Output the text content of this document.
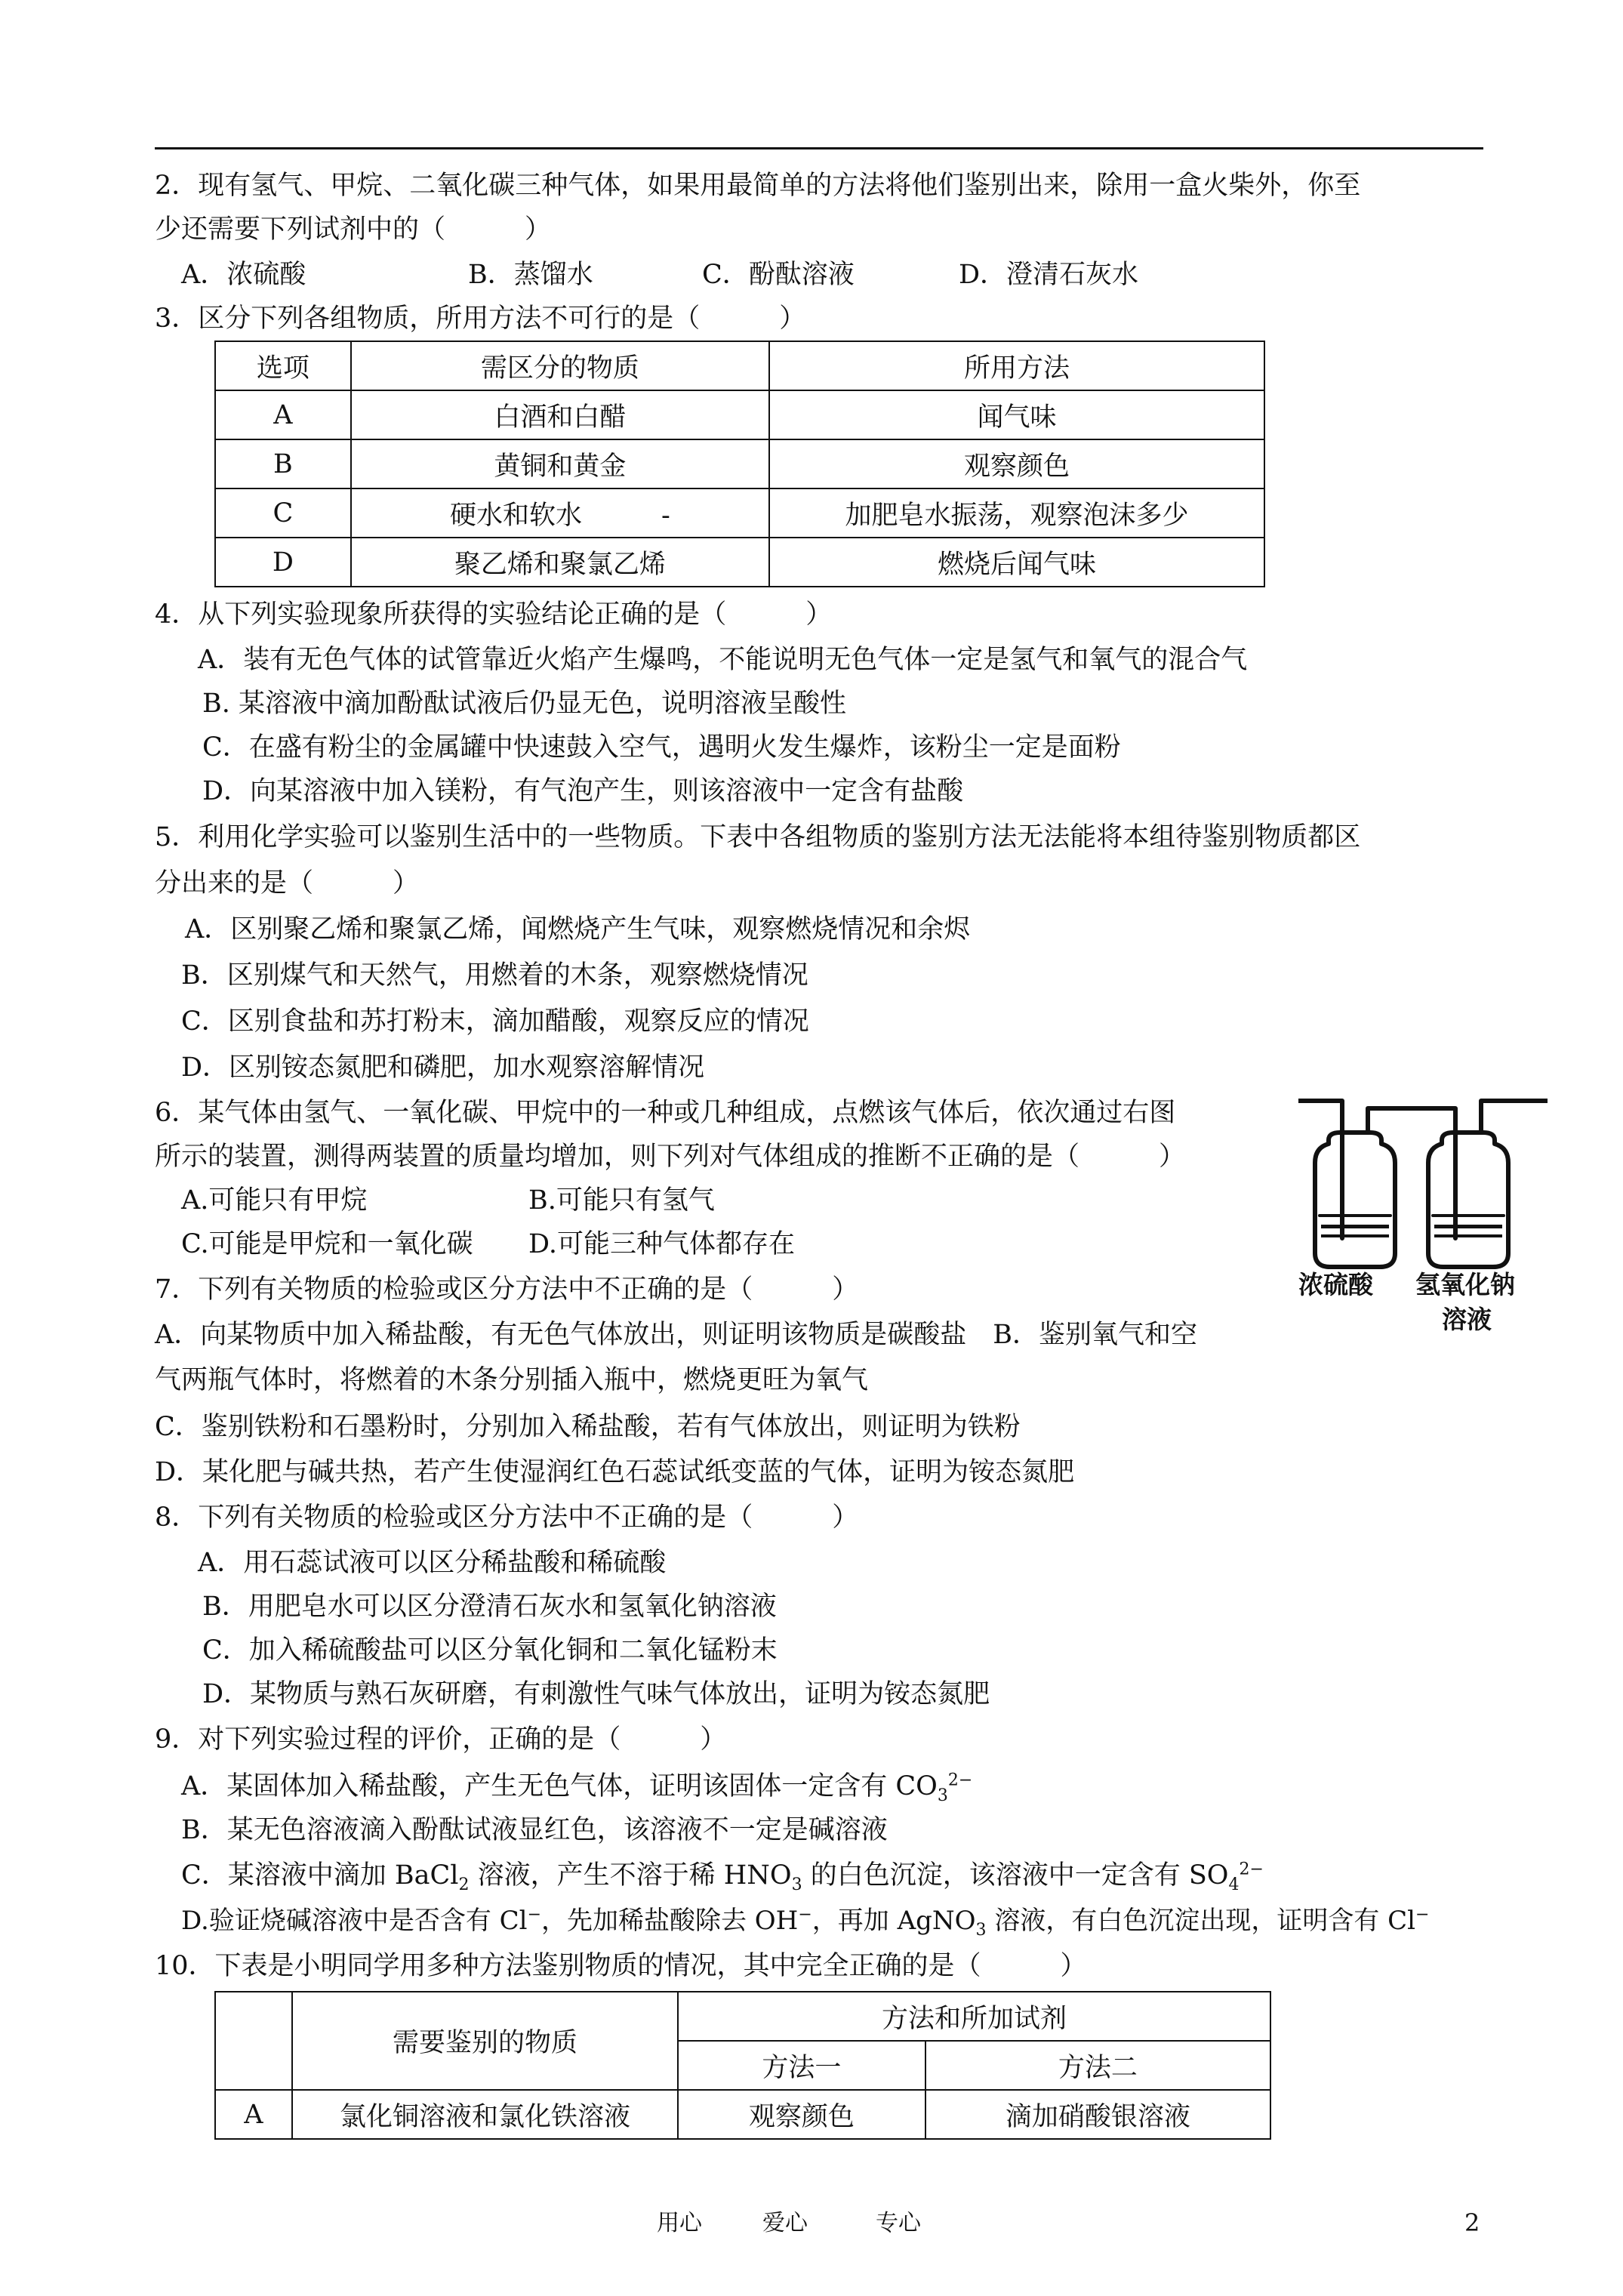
2．现有氢气、甲烷、二氧化碳三种气体，如果用最简单的方法将他们鉴别出来，除用一盒火柴外，你至
少还需要下列试剂中的（　　　）
A．浓硫酸	B．蒸馏水	C．酚酞溶液	D．澄清石灰水
3．区分下列各组物质，所用方法不可行的是（　　　）
选项	需区分的物质	所用方法
A	白酒和白醋	闻气味
B	黄铜和黄金	观察颜色
C	硬水和软水　　　-	加肥皂水振荡，观察泡沫多少
D	聚乙烯和聚氯乙烯	燃烧后闻气味
4．从下列实验现象所获得的实验结论正确的是（　　　）
A．装有无色气体的试管靠近火焰产生爆鸣，不能说明无色气体一定是氢气和氧气的混合气
B. 某溶液中滴加酚酞试液后仍显无色，说明溶液呈酸性
C．在盛有粉尘的金属罐中快速鼓入空气，遇明火发生爆炸，该粉尘一定是面粉
D．向某溶液中加入镁粉，有气泡产生，则该溶液中一定含有盐酸
5．利用化学实验可以鉴别生活中的一些物质。下表中各组物质的鉴别方法无法能将本组待鉴别物质都区
分出来的是（　　　）
A．区别聚乙烯和聚氯乙烯，闻燃烧产生气味，观察燃烧情况和余烬
B．区别煤气和天然气，用燃着的木条，观察燃烧情况
C．区别食盐和苏打粉末，滴加醋酸，观察反应的情况
D．区别铵态氮肥和磷肥，加水观察溶解情况
6．某气体由氢气、一氧化碳、甲烷中的一种或几种组成，点燃该气体后，依次通过右图
所示的装置，测得两装置的质量均增加，则下列对气体组成的推断不正确的是（　　　）
A.可能只有甲烷	B.可能只有氢气
C.可能是甲烷和一氧化碳 D.可能三种气体都存在
浓硫酸 氢氧化钠
溶液
7．下列有关物质的检验或区分方法中不正确的是（　　　）
A．向某物质中加入稀盐酸，有无色气体放出，则证明该物质是碳酸盐　B．鉴别氧气和空
气两瓶气体时，将燃着的木条分别插入瓶中，燃烧更旺为氧气
C．鉴别铁粉和石墨粉时，分别加入稀盐酸，若有气体放出，则证明为铁粉
D．某化肥与碱共热，若产生使湿润红色石蕊试纸变蓝的气体，证明为铵态氮肥
8．下列有关物质的检验或区分方法中不正确的是（　　　）
A．用石蕊试液可以区分稀盐酸和稀硫酸
B．用肥皂水可以区分澄清石灰水和氢氧化钠溶液
C．加入稀硫酸盐可以区分氧化铜和二氧化锰粉末
D．某物质与熟石灰研磨，有刺激性气味气体放出，证明为铵态氮肥
9．对下列实验过程的评价，正确的是（　　　）
A．某固体加入稀盐酸，产生无色气体，证明该固体一定含有 $CO_3^{2-}$
B．某无色溶液滴入酚酞试液显红色，该溶液不一定是碱溶液
C．某溶液中滴加 BaCl$_2$ 溶液，产生不溶于稀 $HNO_3$ 的白色沉淀，该溶液中一定含有 $SO_4^{2-}$
D.验证烧碱溶液中是否含有 Cl−，先加稀盐酸除去 OH−，再加 AgNO$_3$ 溶液，有白色沉淀出现，证明含有 Cl−
10．下表是小明同学用多种方法鉴别物质的情况，其中完全正确的是（　　　）
	需要鉴别的物质	方法和所加试剂	
		方法一	方法二
A	氯化铜溶液和氯化铁溶液	观察颜色	滴加硝酸银溶液
用心	爱心	专心	2
